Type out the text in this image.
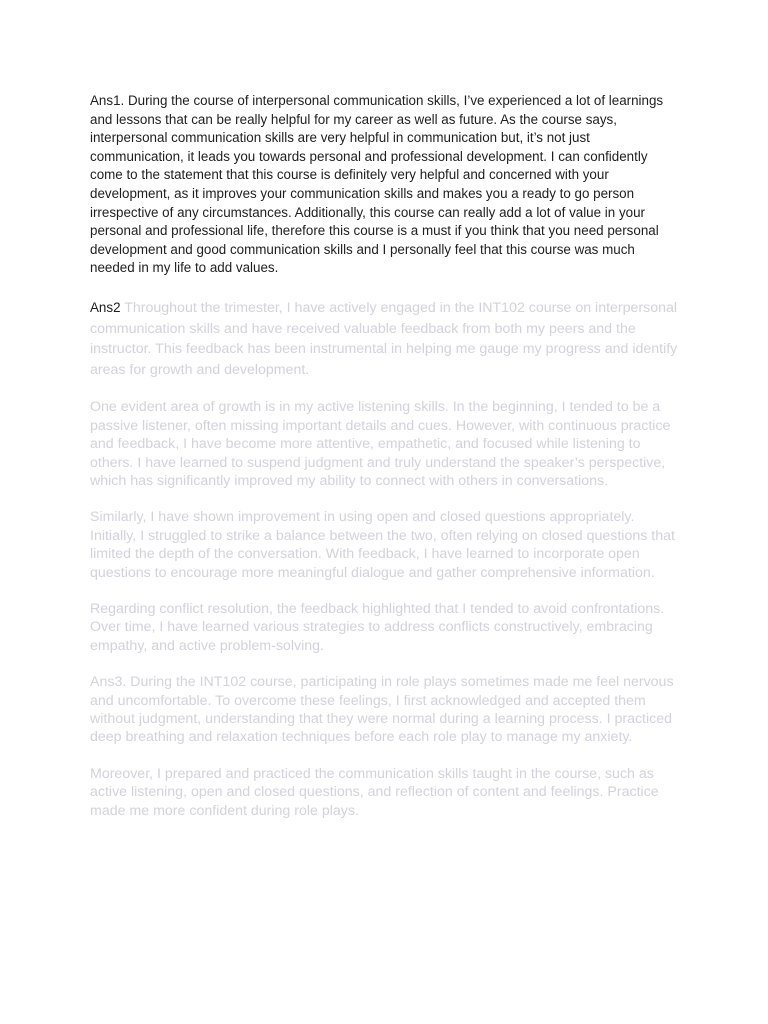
Ans1. During the course of interpersonal communication skills, I’ve experienced a lot of learnings and lessons that can be really helpful for my career as well as future. As the course says, interpersonal communication skills are very helpful in communication but, it’s not just communication, it leads you towards personal and professional development. I can confidently come to the statement that this course is definitely very helpful and concerned with your development, as it improves your communication skills and makes you a ready to go person irrespective of any circumstances. Additionally, this course can really add a lot of value in your personal and professional life, therefore this course is a must if you think that you need personal development and good communication skills and I personally feel that this course was much needed in my life to add values.

Ans2 Throughout the trimester, I have actively engaged in the INT102 course on interpersonal communication skills and have received valuable feedback from both my peers and the instructor. This feedback has been instrumental in helping me gauge my progress and identify areas for growth and development.

One evident area of growth is in my active listening skills. In the beginning, I tended to be a passive listener, often missing important details and cues. However, with continuous practice and feedback, I have become more attentive, empathetic, and focused while listening to others. I have learned to suspend judgment and truly understand the speaker’s perspective, which has significantly improved my ability to connect with others in conversations.

Similarly, I have shown improvement in using open and closed questions appropriately. Initially, I struggled to strike a balance between the two, often relying on closed questions that limited the depth of the conversation. With feedback, I have learned to incorporate open questions to encourage more meaningful dialogue and gather comprehensive information.

Regarding conflict resolution, the feedback highlighted that I tended to avoid confrontations. Over time, I have learned various strategies to address conflicts constructively, embracing empathy, and active problem-solving.

Ans3. During the INT102 course, participating in role plays sometimes made me feel nervous and uncomfortable. To overcome these feelings, I first acknowledged and accepted them without judgment, understanding that they were normal during a learning process. I practiced deep breathing and relaxation techniques before each role play to manage my anxiety.

Moreover, I prepared and practiced the communication skills taught in the course, such as active listening, open and closed questions, and reflection of content and feelings. Practice made me more confident during role plays.
